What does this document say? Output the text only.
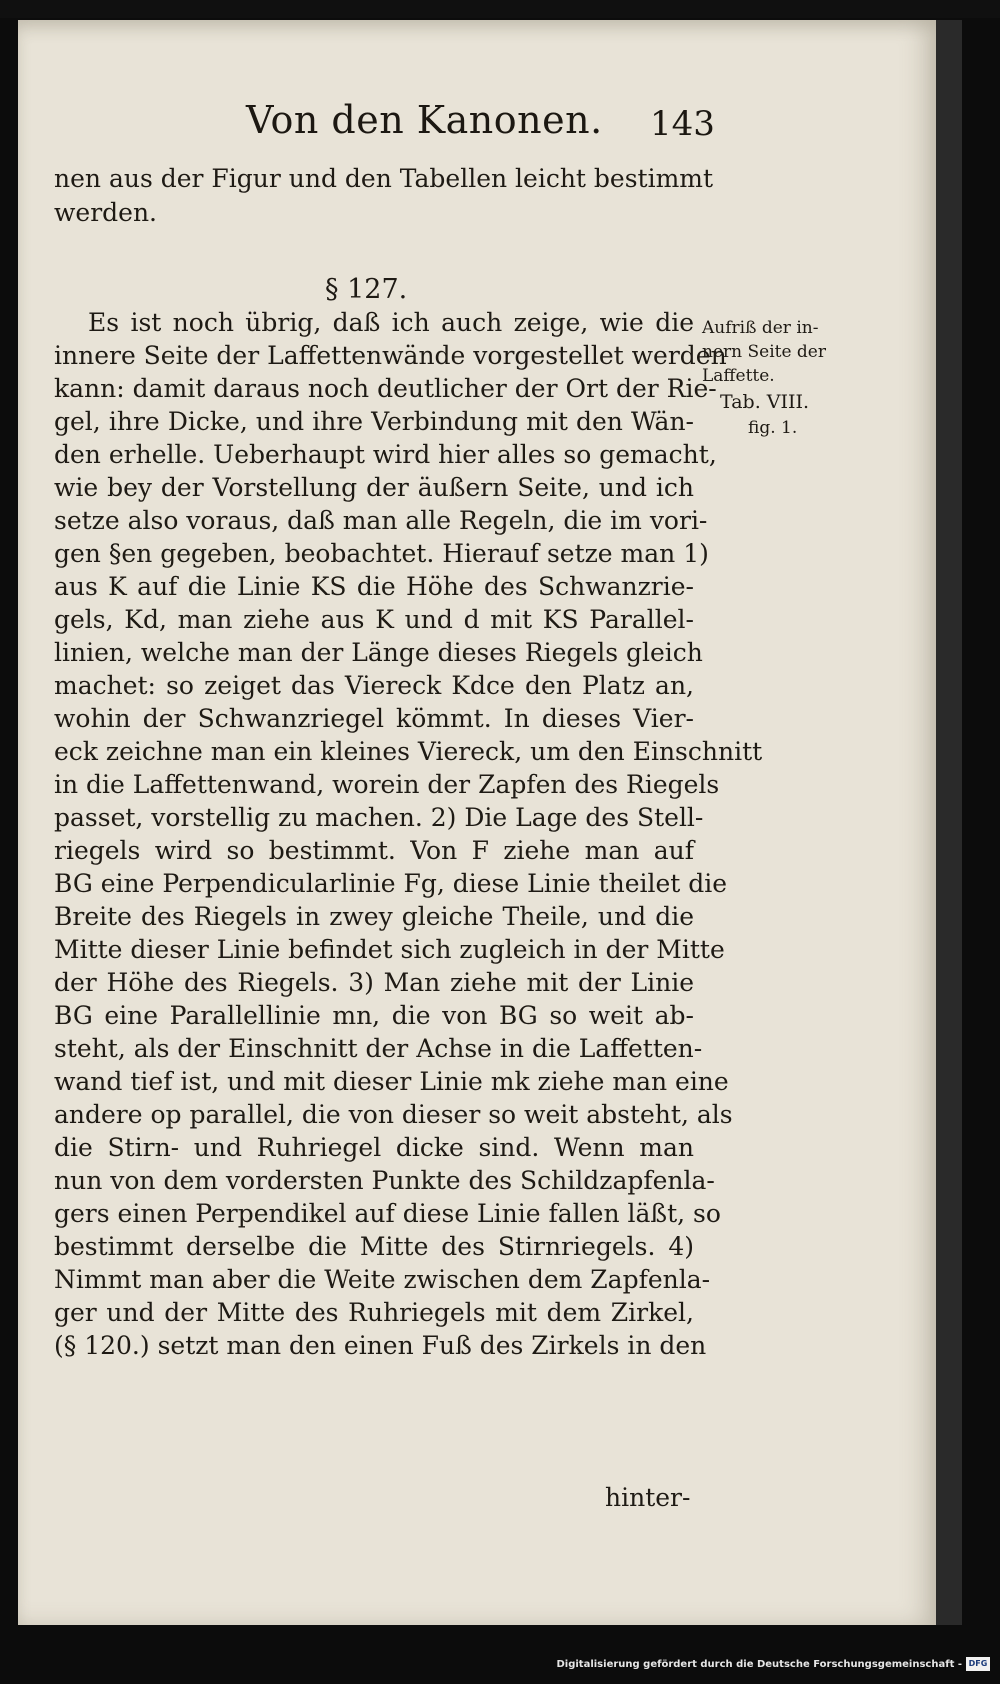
Von den Kanonen. 143
nen aus der Figur und den Tabellen leicht bestimmt
werden.
§ 127.
Es ist noch übrig, daß ich auch zeige, wie die
innere Seite der Laffettenwände vorgestellet werden
kann: damit daraus noch deutlicher der Ort der Rie-
gel, ihre Dicke, und ihre Verbindung mit den Wän-
den erhelle. Ueberhaupt wird hier alles so gemacht,
wie bey der Vorstellung der äußern Seite, und ich
setze also voraus, daß man alle Regeln, die im vori-
gen §en gegeben, beobachtet. Hierauf setze man 1)
aus K auf die Linie KS die Höhe des Schwanzrie-
gels, Kd, man ziehe aus K und d mit KS Parallel-
linien, welche man der Länge dieses Riegels gleich
machet: so zeiget das Viereck Kdce den Platz an,
wohin der Schwanzriegel kömmt. In dieses Vier-
eck zeichne man ein kleines Viereck, um den Einschnitt
in die Laffettenwand, worein der Zapfen des Riegels
passet, vorstellig zu machen. 2) Die Lage des Stell-
riegels wird so bestimmt. Von F ziehe man auf
BG eine Perpendicularlinie Fg, diese Linie theilet die
Breite des Riegels in zwey gleiche Theile, und die
Mitte dieser Linie befindet sich zugleich in der Mitte
der Höhe des Riegels. 3) Man ziehe mit der Linie
BG eine Parallellinie mn, die von BG so weit ab-
steht, als der Einschnitt der Achse in die Laffetten-
wand tief ist, und mit dieser Linie mk ziehe man eine
andere op parallel, die von dieser so weit absteht, als
die Stirn- und Ruhriegel dicke sind. Wenn man
nun von dem vordersten Punkte des Schildzapfenla-
gers einen Perpendikel auf diese Linie fallen läßt, so
bestimmt derselbe die Mitte des Stirnriegels. 4)
Nimmt man aber die Weite zwischen dem Zapfenla-
ger und der Mitte des Ruhriegels mit dem Zirkel,
(§ 120.) setzt man den einen Fuß des Zirkels in den
hinter-
Aufriß der in-
nern Seite der
Laffette.
Tab. VIII.
fig. 1.
Digitalisierung gefördert durch die Deutsche Forschungsgemeinschaft - DFG
